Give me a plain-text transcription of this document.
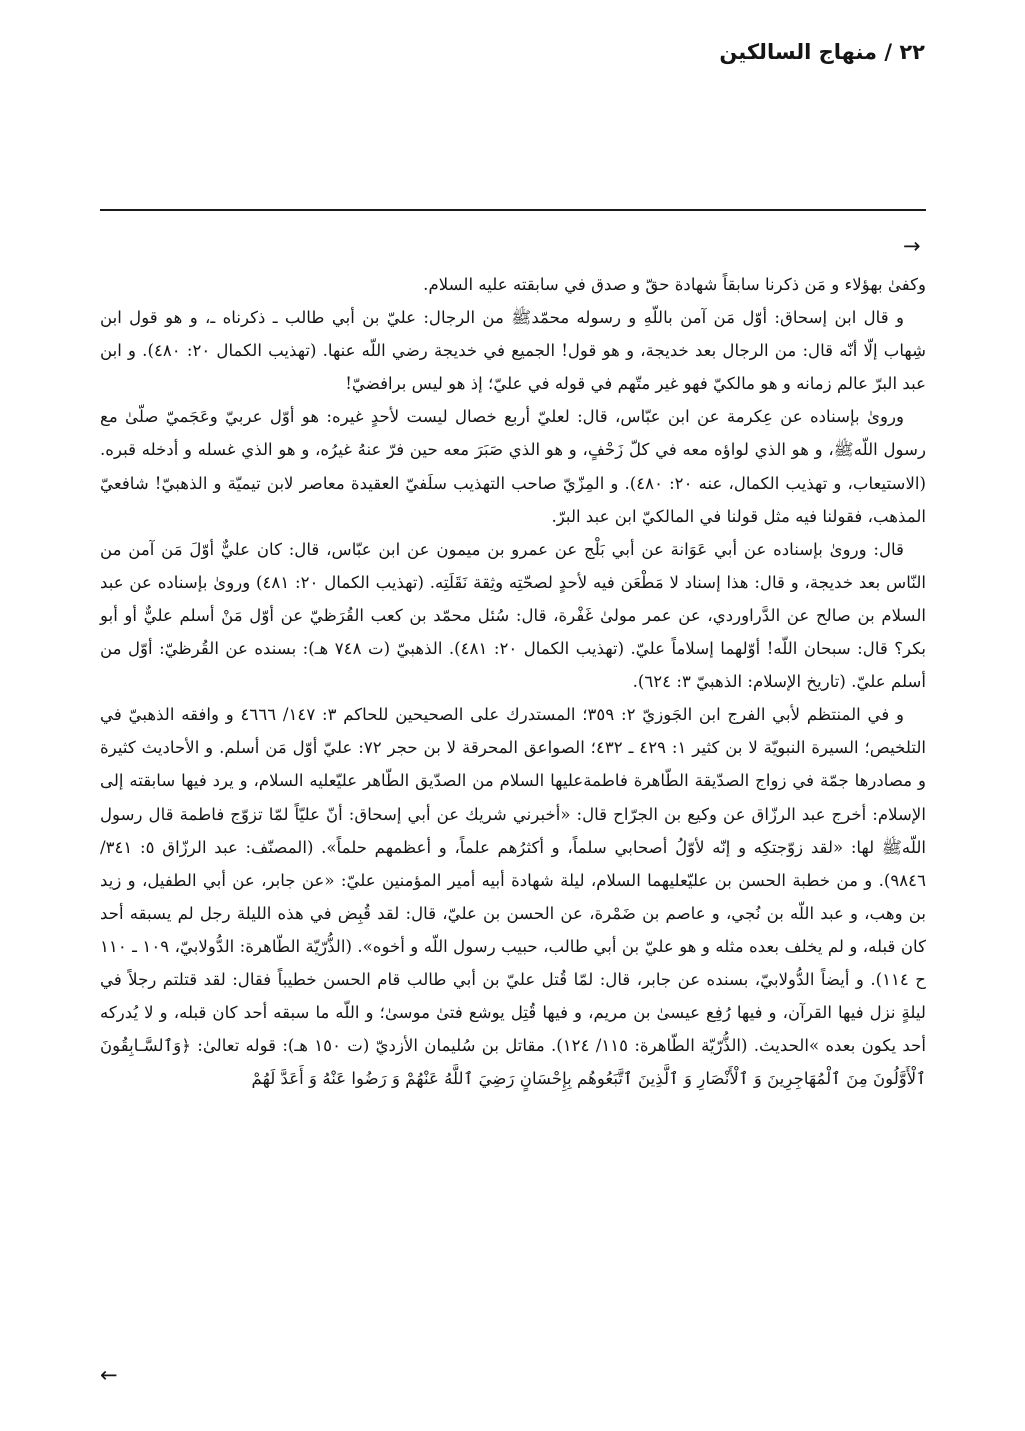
٢٢ / منهاج السالكين
→

وكفىٰ بهؤلاء و مَن ذكرنا سابقاً شهادة حقّ و صدق في سابقته عليه السلام.

و قال ابن إسحاق: أوّل مَن آمن باللّهِ و رسوله محمّدﷺ من الرجال: عليّ بن أبي طالب ـ ذكرناه ـ، و هو قول ابن شِهاب إلّا أنّه قال: من الرجال بعد خديجة، و هو قول! الجميع في خديجة رضي اللّه عنها. (تهذيب الكمال ٢٠: ٤٨٠). و ابن عبد البرّ عالم زمانه و هو مالكيّ فهو غير متّهم في قوله في عليّ؛ إذ هو ليس برافضيّ!

ورویٰ بإسناده عن عِكرمة عن ابن عبّاس، قال: لعليّ أربع خصال ليست لأحدٍ غيره: هو أوّل عربيّ وعَجَميّ صلّىٰ مع رسول اللّهﷺ، و هو الذي لواؤه معه في كلّ زَحْفٍ، و هو الذي صَبَرَ معه حين فرّ عنهُ غيرُه، و هو الذي غسله و أدخله قبره. (الاستيعاب، و تهذيب الكمال، عنه ٢٠: ٤٨٠). و المِزّيّ صاحب التهذيب سلَفيّ العقيدة معاصر لابن تيميّة و الذهبيّ! شافعيّ المذهب، فقولنا فيه مثل قولنا في المالكيّ ابن عبد البرّ.

قال: ورویٰ بإسناده عن أبي عَوَانة عن أبي بَلْج عن عمرو بن ميمون عن ابن عبّاس، قال: كان عليٌّ أوّلَ مَن آمن من النّاس بعد خديجة، و قال: هذا إسناد لا مَطْعَن فيه لأحدٍ لصحّتِه وثِقة نَقَلَتِه. (تهذيب الكمال ٢٠: ٤٨١) ورویٰ بإسناده عن عبد السلام بن صالح عن الدَّراوردي، عن عمر مولىٰ غَفْرة، قال: سُئل محمّد بن كعب القُرَظيّ عن أوّل مَنْ أسلم عليٌّ أو أبو بكر؟ قال: سبحان اللّه! أوّلهما إسلاماً عليّ. (تهذيب الكمال ٢٠: ٤٨١). الذهبيّ (ت ٧٤٨ هـ): بسنده عن القُرظيّ: أوّل من أسلم عليّ. (تاريخ الإسلام: الذهبيّ ٣: ٦٢٤).

و في المنتظم لأبي الفرج ابن الجَوزيّ ٢: ٣٥٩؛ المستدرك على الصحيحين للحاكم ٣: ١٤٧/ ٤٦٦٦ و وافقه الذهبيّ في التلخيص؛ السيرة النبويّة لا بن كثير ١: ٤٢٩ ـ ٤٣٢؛ الصواعق المحرقة لا بن حجر ٧٢: عليّ أوّل مَن أسلم. و الأحاديث كثيرة و مصادرها جمّة في زواج الصدّيقة الطّاهرة فاطمةعليها السلام من الصدّيق الطّاهر عليّعليه السلام، و يرد فيها سابقته إلى الإسلام: أخرج عبد الرزّاق عن وكيع بن الجرّاح قال: «أخبرني شريك عن أبي إسحاق: أنّ عليّاً لمّا تزوّج فاطمة قال رسول اللّهﷺ لها: «لقد زوّجتكِه و إنّه لأوّلُ أصحابي سلماً، و أكثرُهم علماً، و أعظمهم حلماً». (المصنّف: عبد الرزّاق ٥: ٣٤١/ ٩٨٤٦). و من خطبة الحسن بن عليّعليهما السلام، ليلة شهادة أبيه أمير المؤمنين عليّ: «عن جابر، عن أبي الطفيل، و زيد بن وهب، و عبد اللّه بن نُجي، و عاصم بن ضَمْرة، عن الحسن بن عليّ، قال: لقد قُبِض في هذه الليلة رجل لم يسبقه أحد كان قبله، و لم يخلف بعده مثله و هو عليّ بن أبي طالب، حبيب رسول اللّه و أخوه». (الذُّرّيّة الطّاهرة: الدُّولابيّ، ١٠٩ ـ ١١٠ ح ١١٤). و أيضاً الدُّولابيّ، بسنده عن جابر، قال: لمّا قُتل عليّ بن أبي طالب قام الحسن خطيباً فقال: لقد قتلتم رجلاً في ليلةٍ نزل فيها القرآن، و فيها رُفِع عيسىٰ بن مريم، و فيها قُتِل يوشع فتىٰ موسىٰ؛ و اللّه ما سبقه أحد كان قبله، و لا يُدركه أحد يكون بعده »الحديث. (الذُّرّيّة الطّاهرة: ١١٥/ ١٢٤). مقاتل بن سُليمان الأزديّ (ت ١٥٠ هـ): قوله تعالىٰ: ﴿وَٱلسَّـابِقُونَ ٱلْأَوَّلُونَ مِنَ ٱلْمُهَاجِرِينَ وَ ٱلْأَنْصَارِ وَ ٱلَّذِينَ ٱتَّبَعُوهُم بِإِحْسَانٍ رَضِيَ ٱللَّهُ عَنْهُمْ وَ رَضُوا عَنْهُ وَ أَعَدَّ لَهُمْ

←
